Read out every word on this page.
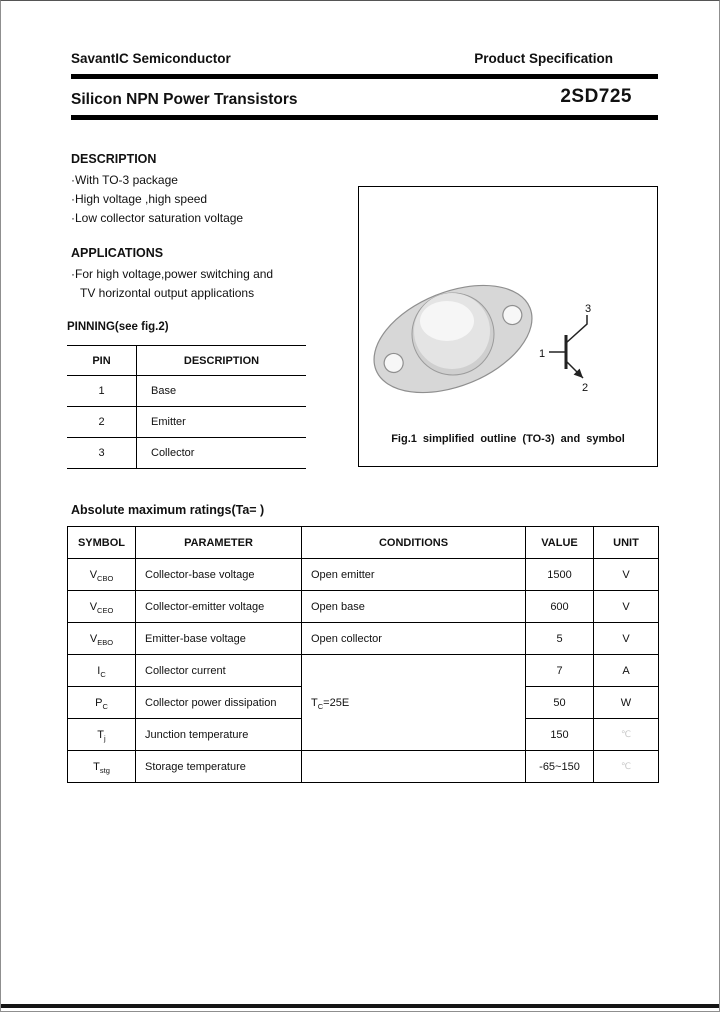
SavantIC Semiconductor	Product Specification
Silicon NPN Power Transistors	2SD725
DESCRIPTION
·With TO-3 package
·High voltage ,high speed
·Low collector saturation voltage
APPLICATIONS
·For high voltage,power switching and
TV horizontal output applications
PINNING(see fig.2)
PIN	DESCRIPTION
1	Base
2	Emitter
3	Collector
3
1
2
Fig.1 simplified outline (TO-3) and symbol
Absolute maximum ratings(Ta= )
SYMBOL	PARAMETER	CONDITIONS	VALUE	UNIT
$V_{CBO}$	Collector-base voltage	Open emitter	1500	V
$V_{CEO}$	Collector-emitter voltage	Open base	600	V
$V_{EBO}$	Emitter-base voltage	Open collector	5	V
$I_C$	Collector current	$T_C=25E$	7	A
$P_C$	Collector power dissipation		50	W
$T_j$	Junction temperature		150	℃
$T_{stg}$	Storage temperature		-65~150	℃
